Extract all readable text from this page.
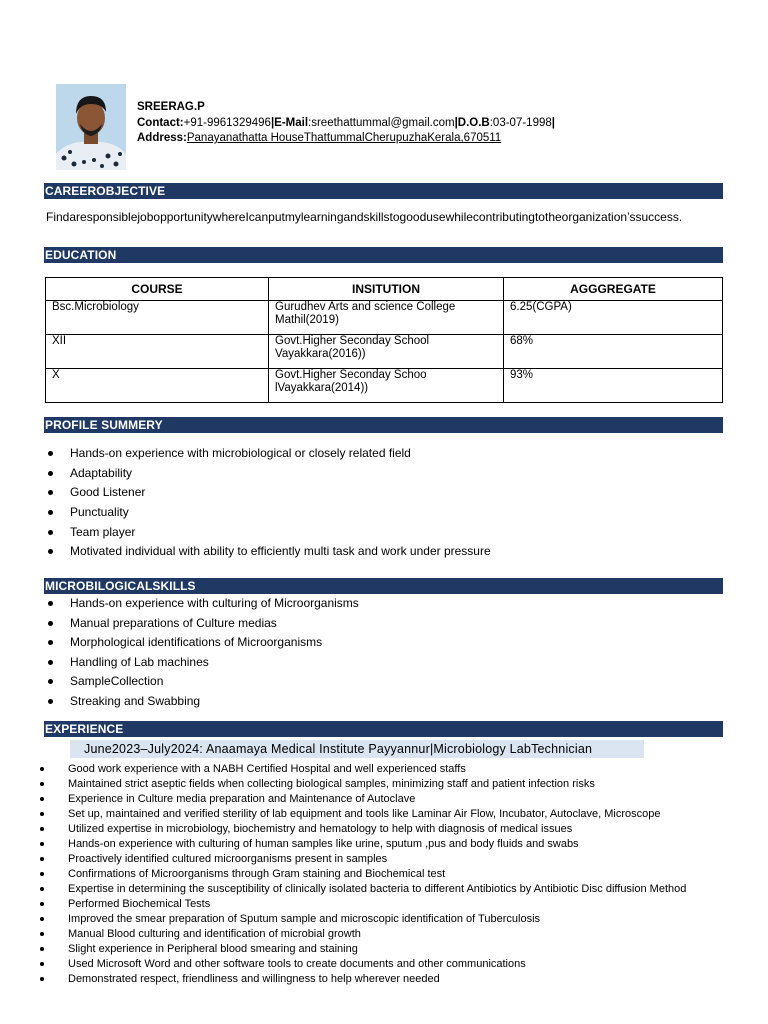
SREERAG.P
Contact:+91-9961329496|E-Mail:sreethattummal@gmail.com|D.O.B:03-07-1998|
Address:Panayanathatta HouseThattummalCherupuzhaKerala,670511
CAREEROBJECTIVE
FindaresponsiblejobopportunitywhereIcanputmylearningandskillstogoodusewhilecontributingtotheorganization’ssuccess.
EDUCATION
COURSE	INSITUTION	AGGGREGATE
Bsc.Microbiology	Gurudhev Arts and science College Mathil(2019)	6.25(CGPA)
XII	Govt.Higher Seconday School Vayakkara(2016))	68%
X	Govt.Higher Seconday Schoo lVayakkara(2014))	93%
PROFILE SUMMERY
Hands-on experience with microbiological or closely related field
Adaptability
Good Listener
Punctuality
Team player
Motivated individual with ability to efficiently multi task and work under pressure
MICROBILOGICALSKILLS
Hands-on experience with culturing of Microorganisms
Manual preparations of Culture medias
Morphological identifications of Microorganisms
Handling of Lab machines
SampleCollection
Streaking and Swabbing
EXPERIENCE
June2023–July2024: Anaamaya Medical Institute Payyannur|Microbiology LabTechnician
Good work experience with a NABH Certified Hospital and well experienced staffs
Maintained strict aseptic fields when collecting biological samples, minimizing staff and patient infection risks
Experience in Culture media preparation and Maintenance of Autoclave
Set up, maintained and verified sterility of lab equipment and tools like Laminar Air Flow, Incubator, Autoclave, Microscope
Utilized expertise in microbiology, biochemistry and hematology to help with diagnosis of medical issues
Hands-on experience with culturing of human samples like urine, sputum ,pus and body fluids and swabs
Proactively identified cultured microorganisms present in samples
Confirmations of Microorganisms through Gram staining and Biochemical test
Expertise in determining the susceptibility of clinically isolated bacteria to different Antibiotics by Antibiotic Disc diffusion Method
Performed Biochemical Tests
Improved the smear preparation of Sputum sample and microscopic identification of Tuberculosis
Manual Blood culturing and identification of microbial growth
Slight experience in Peripheral blood smearing and staining
Used Microsoft Word and other software tools to create documents and other communications
Demonstrated respect, friendliness and willingness to help wherever needed
